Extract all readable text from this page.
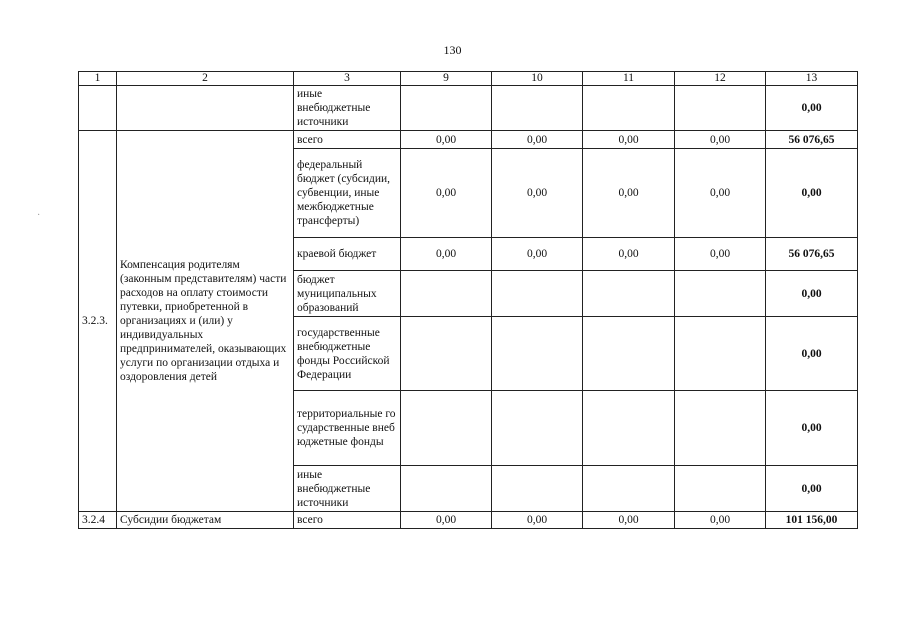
130
1	2	3	9	10	11	12	13
		иные внебюджетные источники					0,00
3.2.3.	Компенсация родителям (законным представителям) части расходов на оплату стоимости путевки, приобретенной в организациях и (или) у индивидуальных предпринимателей, оказывающих услуги по организации отдыха и оздоровления детей	всего	0,00	0,00	0,00	0,00	56 076,65
		федеральный бюджет (субсидии, субвенции, иные межбюджетные трансферты)	0,00	0,00	0,00	0,00	0,00
		краевой бюджет	0,00	0,00	0,00	0,00	56 076,65
		бюджет муниципальных образований					0,00
		государственные внебюджетные фонды Российской Федерации					0,00
		территориальные государственные внебюджетные фонды					0,00
		иные внебюджетные источники					0,00
3.2.4	Субсидии бюджетам	всего	0,00	0,00	0,00	0,00	101 156,00
·
